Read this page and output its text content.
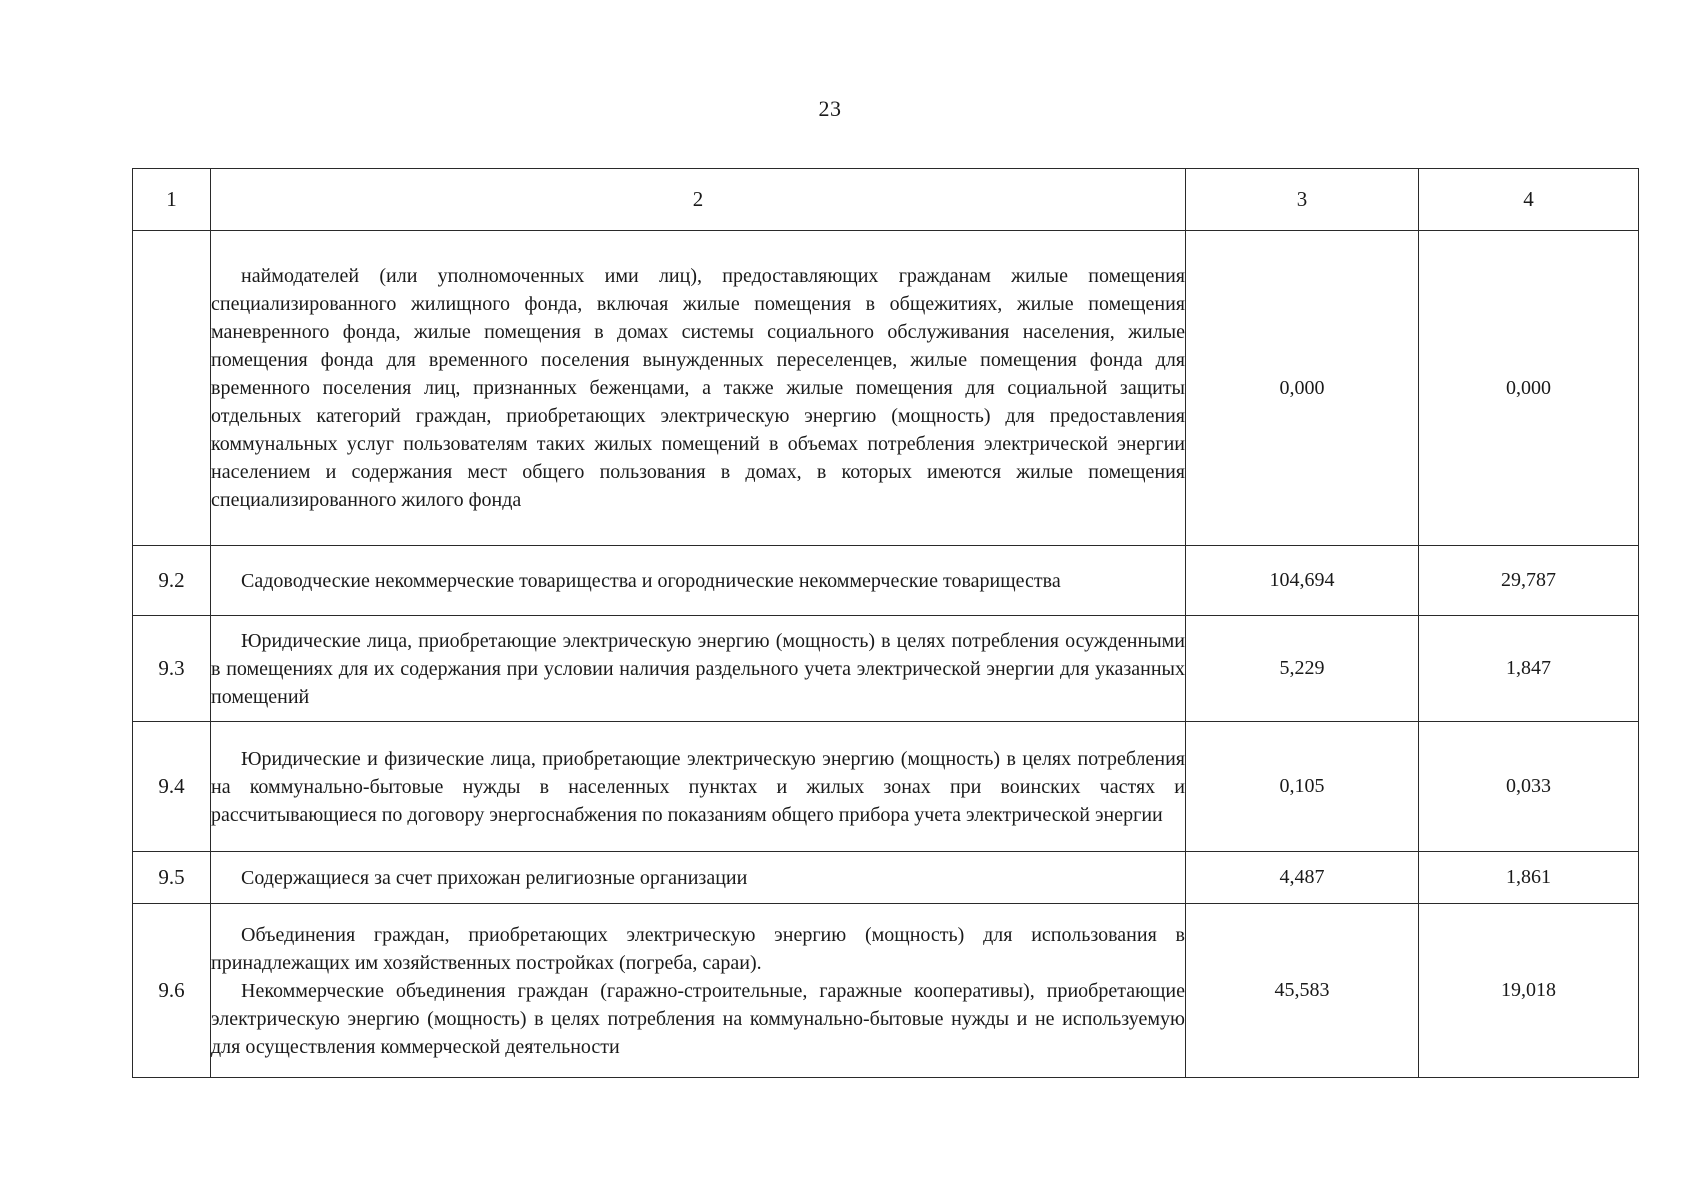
23
1	2	3	4

	наймодателей (или уполномоченных ими лиц), предоставляющих гражданам жилые помещения специализированного жилищного фонда, включая жилые помещения в общежитиях, жилые помещения маневренного фонда, жилые помещения в домах системы социального обслуживания населения, жилые помещения фонда для временного поселения вынужденных переселенцев, жилые помещения фонда для временного поселения лиц, признанных беженцами, а также жилые помещения для социальной защиты отдельных категорий граждан, приобретающих электрическую энергию (мощность) для предоставления коммунальных услуг пользователям таких жилых помещений в объемах потребления электрической энергии населением и содержания мест общего пользования в домах, в которых имеются жилые помещения специализированного жилого фонда	0,000	0,000
9.2	Садоводческие некоммерческие товарищества и огороднические некоммерческие товарищества	104,694	29,787
9.3	Юридические лица, приобретающие электрическую энергию (мощность) в целях потребления осужденными в помещениях для их содержания при условии наличия раздельного учета электрической энергии для указанных помещений	5,229	1,847
9.4	Юридические и физические лица, приобретающие электрическую энергию (мощность) в целях потребления на коммунально-бытовые нужды в населенных пунктах и жилых зонах при воинских частях и рассчитывающиеся по договору энергоснабжения по показаниям общего прибора учета электрической энергии	0,105	0,033
9.5	Содержащиеся за счет прихожан религиозные организации	4,487	1,861
9.6	Объединения граждан, приобретающих электрическую энергию (мощность) для использования в принадлежащих им хозяйственных постройках (погреба, сараи).

Некоммерческие объединения граждан (гаражно-строительные, гаражные кооперативы), приобретающие электрическую энергию (мощность) в целях потребления на коммунально-бытовые нужды и не используемую для осуществления коммерческой деятельности	45,583	19,018
